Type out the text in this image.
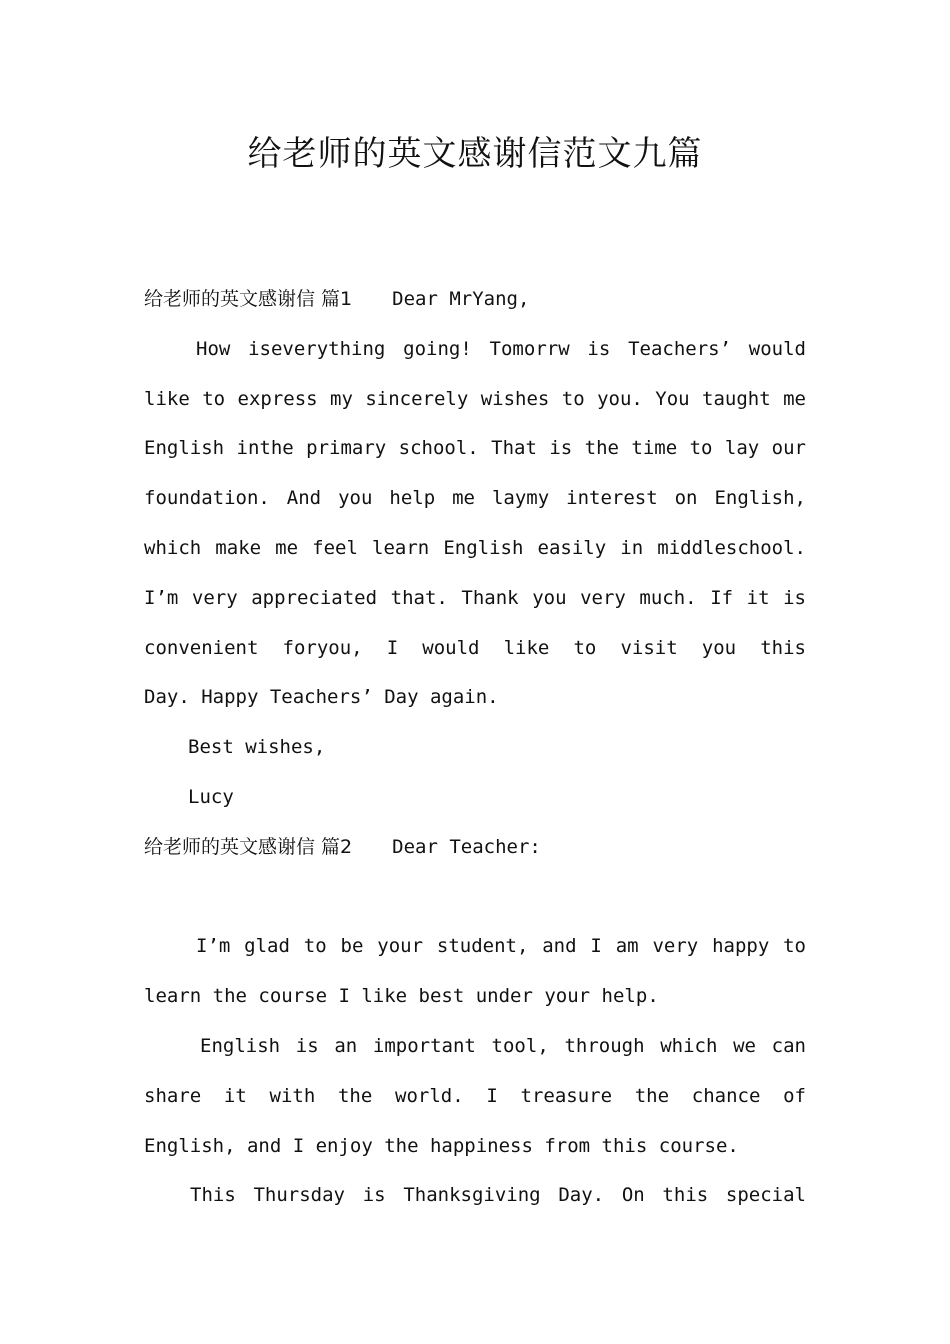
给老师的英文感谢信范文九篇
给老师的英文感谢信 篇1 Dear MrYang,
How iseverything going! Tomorrw is Teachers’ would
like to express my sincerely wishes to you. You taught me
English inthe primary school. That is the time to lay our
foundation. And you help me laymy interest on English,
which make me feel learn English easily in middleschool.
I’m very appreciated that. Thank you very much. If it is
convenient foryou, I would like to visit you this
Day. Happy Teachers’ Day again.
Best wishes,
Lucy
给老师的英文感谢信 篇2 Dear Teacher:
I’m glad to be your student, and I am very happy to
learn the course I like best under your help.
English is an important tool, through which we can
share it with the world. I treasure the chance of
English, and I enjoy the happiness from this course.
This Thursday is Thanksgiving Day. On this special
